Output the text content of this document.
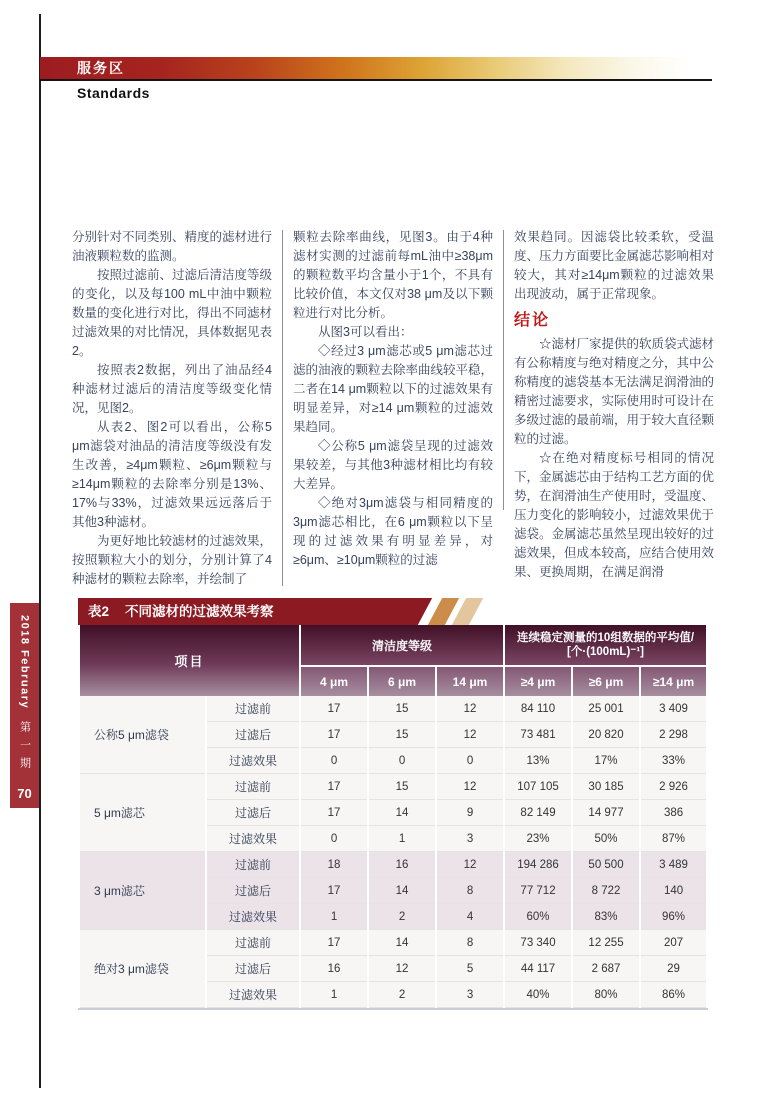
服务区
Standards

分别针对不同类别、精度的滤材进行油液颗粒数的监测。

按照过滤前、过滤后清洁度等级的变化，以及每100 mL中油中颗粒数量的变化进行对比，得出不同滤材过滤效果的对比情况，具体数据见表2。

按照表2数据，列出了油品经4种滤材过滤后的清洁度等级变化情况，见图2。

从表2、图2可以看出，公称5 μm滤袋对油品的清洁度等级没有发生改善，≥4μm颗粒、≥6μm颗粒与≥14μm颗粒的去除率分别是13%、17%与33%，过滤效果远远落后于其他3种滤材。

为更好地比较滤材的过滤效果，按照颗粒大小的划分，分别计算了4种滤材的颗粒去除率，并绘制了

颗粒去除率曲线，见图3。由于4种滤材实测的过滤前每mL油中≥38μm的颗粒数平均含量小于1个，不具有比较价值，本文仅对38 μm及以下颗粒进行对比分析。

从图3可以看出：

◇经过3 μm滤芯或5 μm滤芯过滤的油液的颗粒去除率曲线较平稳，二者在14 μm颗粒以下的过滤效果有明显差异，对≥14 μm颗粒的过滤效果趋同。

◇公称5 μm滤袋呈现的过滤效果较差，与其他3种滤材相比均有较大差异。

◇绝对3μm滤袋与相同精度的3μm滤芯相比，在6 μm颗粒以下呈现的过滤效果有明显差异，对≥6μm、≥10μm颗粒的过滤

效果趋同。因滤袋比较柔软，受温度、压力方面要比金属滤芯影响相对较大，其对≥14μm颗粒的过滤效果出现波动，属于正常现象。

结论

☆滤材厂家提供的软质袋式滤材有公称精度与绝对精度之分，其中公称精度的滤袋基本无法满足润滑油的精密过滤要求，实际使用时可设计在多级过滤的最前端，用于较大直径颗粒的过滤。

☆在绝对精度标号相同的情况下，金属滤芯由于结构工艺方面的优势，在润滑油生产使用时，受温度、压力变化的影响较小，过滤效果优于滤袋。金属滤芯虽然呈现出较好的过滤效果，但成本较高，应结合使用效果、更换周期，在满足润滑

2018 February
第一期
70
表2 不同滤材的过滤效果考察
项目		清洁度等级			连续稳定测量的10组数据的平均值/
[个·(100mL)⁻¹]		

		4 μm	6 μm	14 μm	≥4 μm	≥6 μm	≥14 μm
公称5 μm滤袋	过滤前	17	15	12	84 110	25 001	3 409
	过滤后	17	15	12	73 481	20 820	2 298
	过滤效果	0	0	0	13%	17%	33%
5 μm滤芯	过滤前	17	15	12	107 105	30 185	2 926
	过滤后	17	14	9	82 149	14 977	386
	过滤效果	0	1	3	23%	50%	87%
3 μm滤芯	过滤前	18	16	12	194 286	50 500	3 489
	过滤后	17	14	8	77 712	8 722	140
	过滤效果	1	2	4	60%	83%	96%
绝对3 μm滤袋	过滤前	17	14	8	73 340	12 255	207
	过滤后	16	12	5	44 117	2 687	29
	过滤效果	1	2	3	40%	80%	86%
